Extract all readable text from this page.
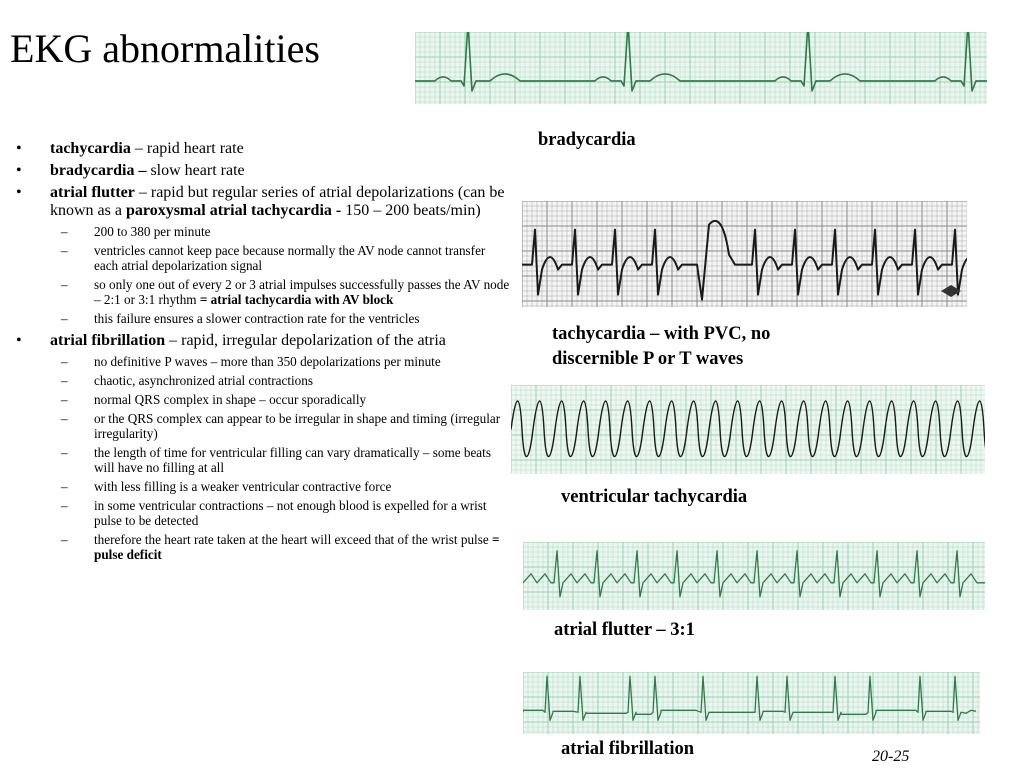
EKG abnormalities
• tachycardia – rapid heart rate
• bradycardia – slow heart rate
• atrial flutter – rapid but regular series of atrial depolarizations (can be known as a paroxysmal atrial tachycardia - 150 – 200 beats/min)
– 200 to 380 per minute
– ventricles cannot keep pace because normally the AV node cannot transfer each atrial depolarization signal
– so only one out of every 2 or 3 atrial impulses successfully passes the AV node – 2:1 or 3:1 rhythm = atrial tachycardia with AV block
– this failure ensures a slower contraction rate for the ventricles
• atrial fibrillation – rapid, irregular depolarization of the atria
– no definitive P waves – more than 350 depolarizations per minute
– chaotic, asynchronized atrial contractions
– normal QRS complex in shape – occur sporadically
– or the QRS complex can appear to be irregular in shape and timing (irregular irregularity)
– the length of time for ventricular filling can vary dramatically – some beats will have no filling at all
– with less filling is a weaker ventricular contractive force
– in some ventricular contractions – not enough blood is expelled for a wrist pulse to be detected
– therefore the heart rate taken at the heart will exceed that of the wrist pulse = pulse deficit
bradycardia
tachycardia – with PVC, no discernible P or T waves
ventricular tachycardia
atrial flutter – 3:1
atrial fibrillation	20-25
